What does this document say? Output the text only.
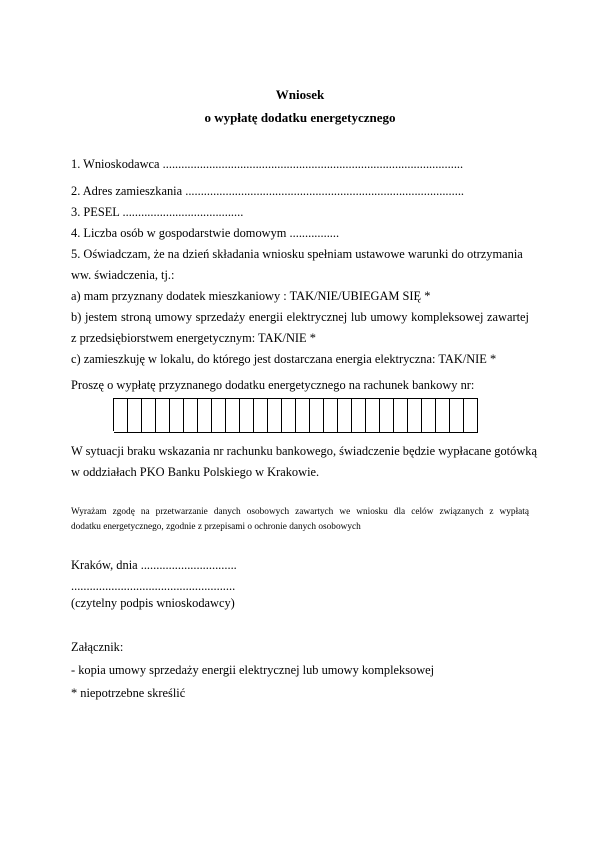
Wniosek
o wypłatę dodatku energetycznego
1. Wnioskodawca .................................................................................................
2. Adres zamieszkania ..........................................................................................
3. PESEL .......................................
4. Liczba osób w gospodarstwie domowym ................
5. Oświadczam, że na dzień składania wniosku spełniam ustawowe warunki do otrzymania
ww. świadczenia, tj.:
a) mam przyznany dodatek mieszkaniowy : TAK/NIE/UBIEGAM SIĘ *
b) jestem stroną umowy sprzedaży energii elektrycznej lub umowy kompleksowej zawartej
z przedsiębiorstwem energetycznym: TAK/NIE *
c) zamieszkuję w lokalu, do którego jest dostarczana energia elektryczna: TAK/NIE *
Proszę o wypłatę przyznanego dodatku energetycznego na rachunek bankowy nr:
W sytuacji braku wskazania nr rachunku bankowego, świadczenie będzie wypłacane gotówką
w oddziałach PKO Banku Polskiego w Krakowie.
Wyrażam zgodę na przetwarzanie danych osobowych zawartych we wniosku dla celów związanych z wypłatą
dodatku energetycznego, zgodnie z przepisami o ochronie danych osobowych
Kraków, dnia ...............................
.....................................................
(czytelny podpis wnioskodawcy)
Załącznik:
- kopia umowy sprzedaży energii elektrycznej lub umowy kompleksowej
* niepotrzebne skreślić
